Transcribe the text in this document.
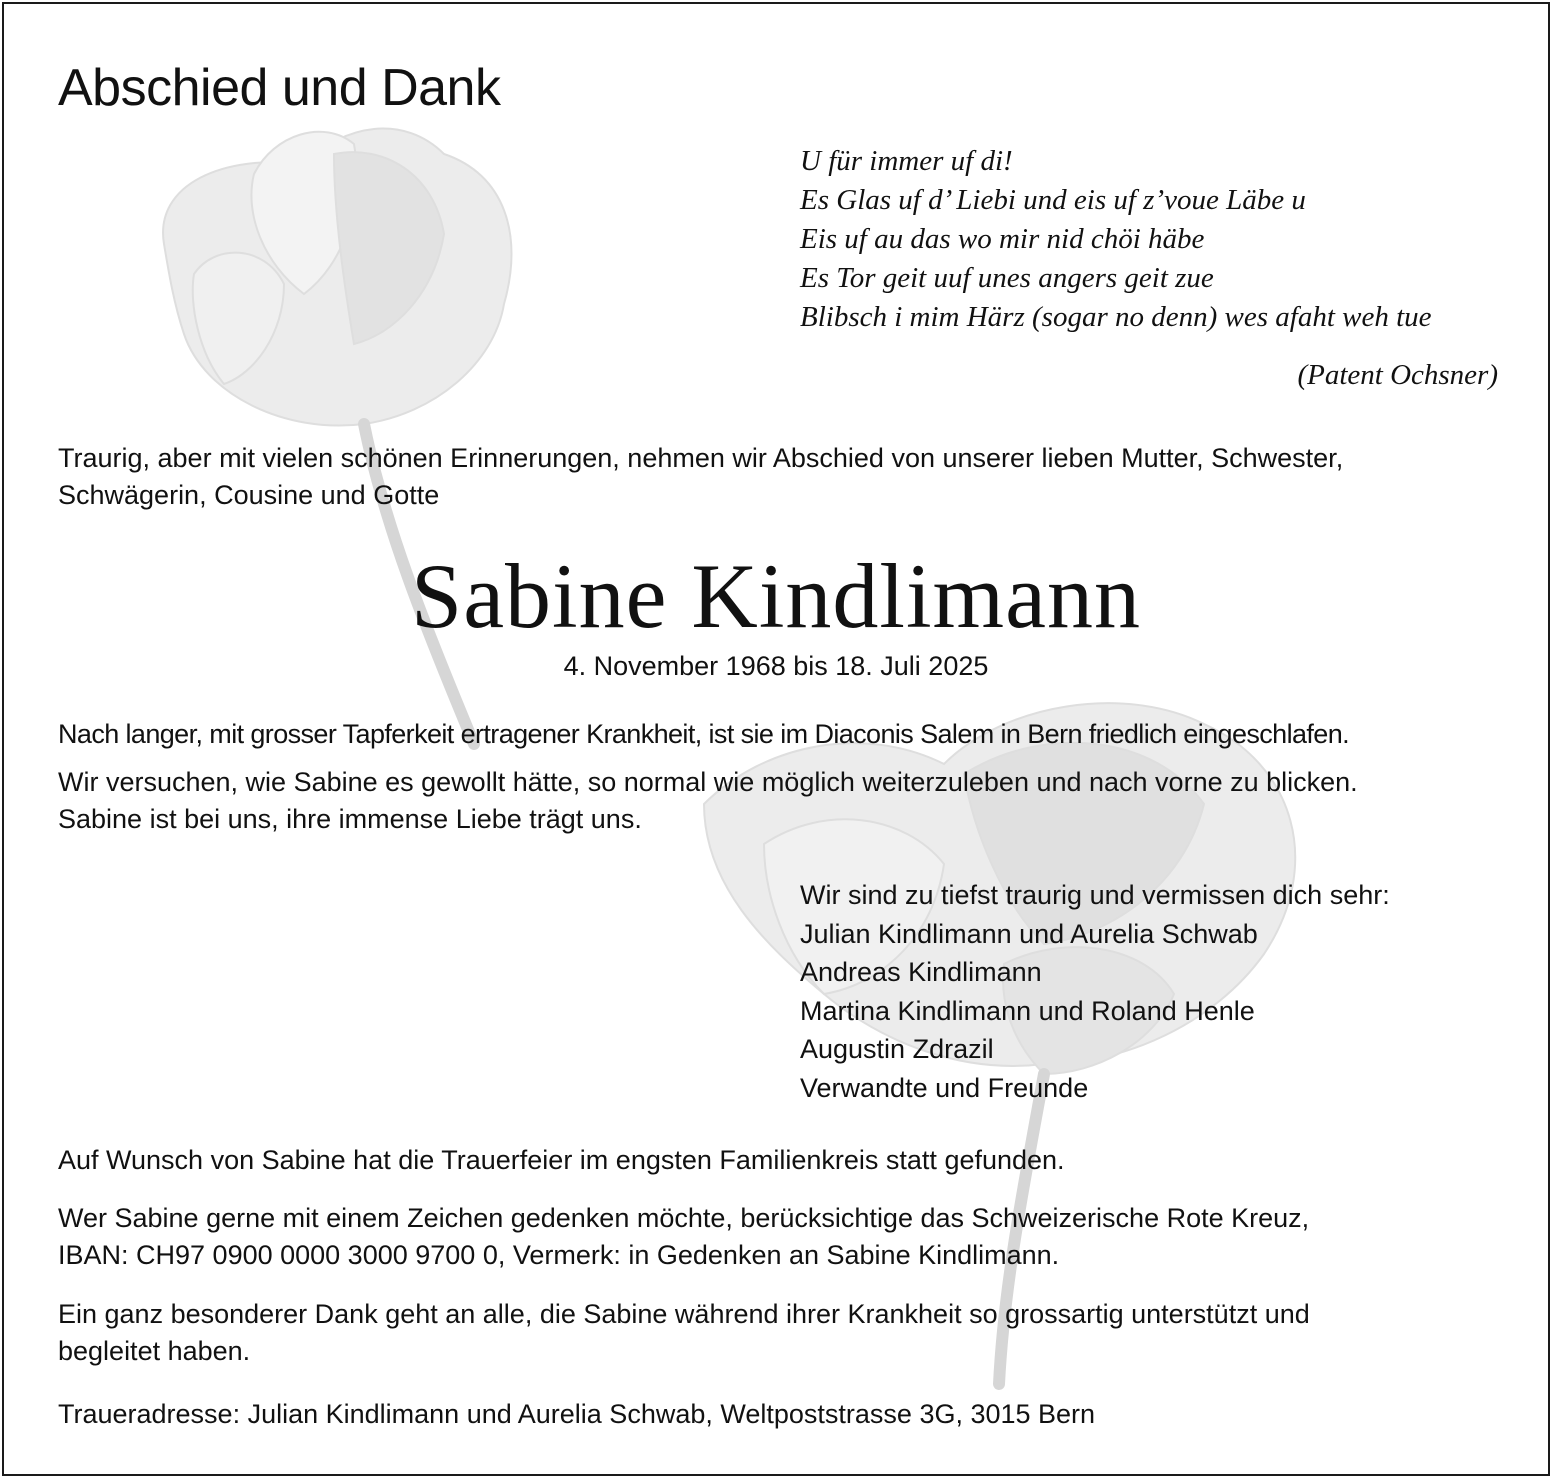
Abschied und Dank
U für immer uf di!
Es Glas uf d’ Liebi und eis uf z’voue Läbe u
Eis uf au das wo mir nid chöi häbe
Es Tor geit uuf unes angers geit zue
Blibsch i mim Härz (sogar no denn) wes afaht weh tue
(Patent Ochsner)
Traurig, aber mit vielen schönen Erinnerungen, nehmen wir Abschied von unserer lieben Mutter, Schwester,
Schwägerin, Cousine und Gotte
Sabine Kindlimann
4. November 1968 bis 18. Juli 2025
Nach langer, mit grosser Tapferkeit ertragener Krankheit, ist sie im Diaconis Salem in Bern friedlich eingeschlafen.
Wir versuchen, wie Sabine es gewollt hätte, so normal wie möglich weiterzuleben und nach vorne zu blicken.
Sabine ist bei uns, ihre immense Liebe trägt uns.
Wir sind zu tiefst traurig und vermissen dich sehr:
Julian Kindlimann und Aurelia Schwab
Andreas Kindlimann
Martina Kindlimann und Roland Henle
Augustin Zdrazil
Verwandte und Freunde
Auf Wunsch von Sabine hat die Trauerfeier im engsten Familienkreis statt gefunden.
Wer Sabine gerne mit einem Zeichen gedenken möchte, berücksichtige das Schweizerische Rote Kreuz,
IBAN: CH97 0900 0000 3000 9700 0, Vermerk: in Gedenken an Sabine Kindlimann.
Ein ganz besonderer Dank geht an alle, die Sabine während ihrer Krankheit so grossartig unterstützt und
begleitet haben.
Traueradresse: Julian Kindlimann und Aurelia Schwab, Weltpoststrasse 3G, 3015 Bern
